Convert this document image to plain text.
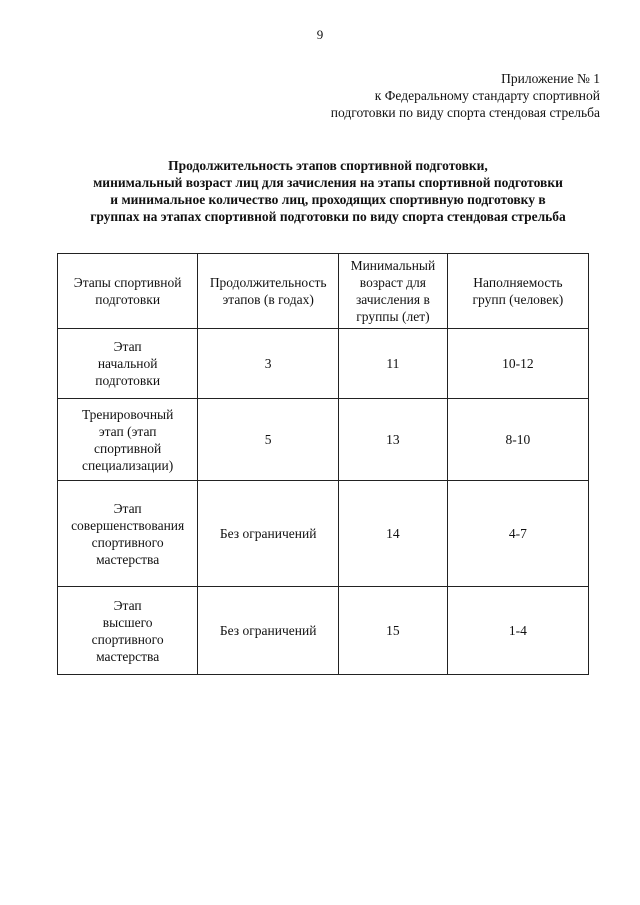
9
Приложение № 1
к Федеральному стандарту спортивной
подготовки по виду спорта стендовая стрельба
Продолжительность этапов спортивной подготовки,
минимальный возраст лиц для зачисления на этапы спортивной подготовки
и минимальное количество лиц, проходящих спортивную подготовку в
группах на этапах спортивной подготовки по виду спорта стендовая стрельба
Этапы спортивной
подготовки	Продолжительность
этапов (в годах)	Минимальный
возраст для
зачисления в
группы (лет)	Наполняемость
групп (человек)

Этап
начальной
подготовки	3	11	10-12

Тренировочный
этап (этап
спортивной
специализации)	5	13	8-10

Этап
совершенствования
спортивного
мастерства	Без ограничений	14	4-7

Этап
высшего
спортивного
мастерства	Без ограничений	15	1-4
